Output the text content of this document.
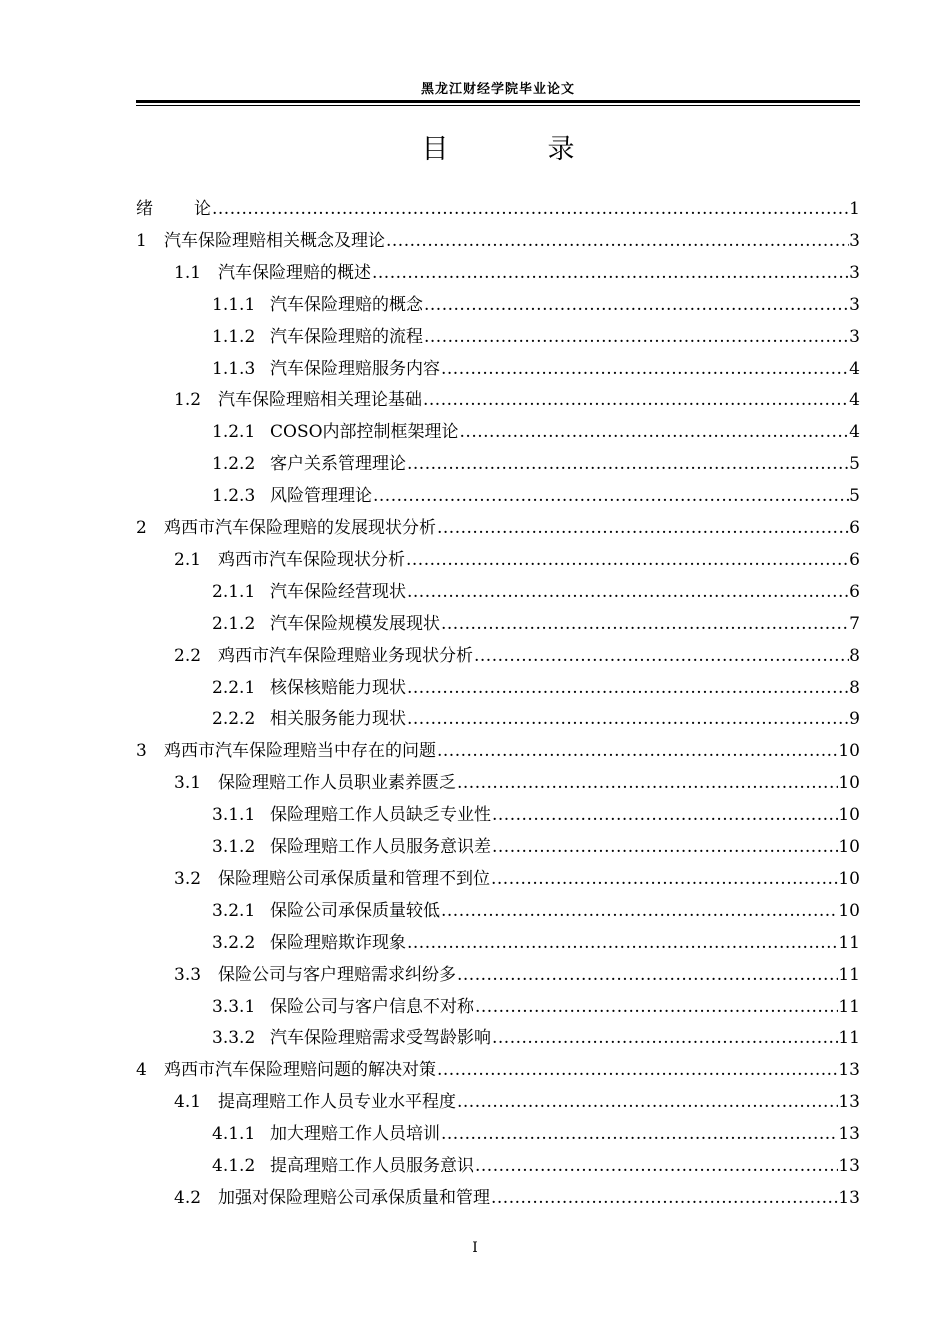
黑龙江财经学院毕业论文
目　录
绪	论 .....	1
1	汽车保险理赔相关概念及理论 .....	3
1.1 汽车保险理赔的概述 .....	3
1.1.1 汽车保险理赔的概念 .....	3
1.1.2 汽车保险理赔的流程 .....	3
1.1.3 汽车保险理赔服务内容 .....	4
1.2 汽车保险理赔相关理论基础 .....	4
1.2.1 COSO内部控制框架理论 .....	4
1.2.2 客户关系管理理论 .....	5
1.2.3 风险管理理论 .....	5
2	鸡西市汽车保险理赔的发展现状分析 .....	6
2.1 鸡西市汽车保险现状分析 .....	6
2.1.1 汽车保险经营现状 .....	6
2.1.2 汽车保险规模发展现状 .....	7
2.2 鸡西市汽车保险理赔业务现状分析 .....	8
2.2.1 核保核赔能力现状 .....	8
2.2.2 相关服务能力现状 .....	9
3	鸡西市汽车保险理赔当中存在的问题 .....	10
3.1 保险理赔工作人员职业素养匮乏 .....	10
3.1.1 保险理赔工作人员缺乏专业性 .....	10
3.1.2 保险理赔工作人员服务意识差 .....	10
3.2 保险理赔公司承保质量和管理不到位 .....	10
3.2.1 保险公司承保质量较低 .....	10
3.2.2 保险理赔欺诈现象 .....	11
3.3 保险公司与客户理赔需求纠纷多 .....	11
3.3.1 保险公司与客户信息不对称 .....	11
3.3.2 汽车保险理赔需求受驾龄影响 .....	11
4	鸡西市汽车保险理赔问题的解决对策 .....	13
4.1 提高理赔工作人员专业水平程度 .....	13
4.1.1 加大理赔工作人员培训 .....	13
4.1.2 提高理赔工作人员服务意识 .....	13
4.2 加强对保险理赔公司承保质量和管理 .....	13
I
